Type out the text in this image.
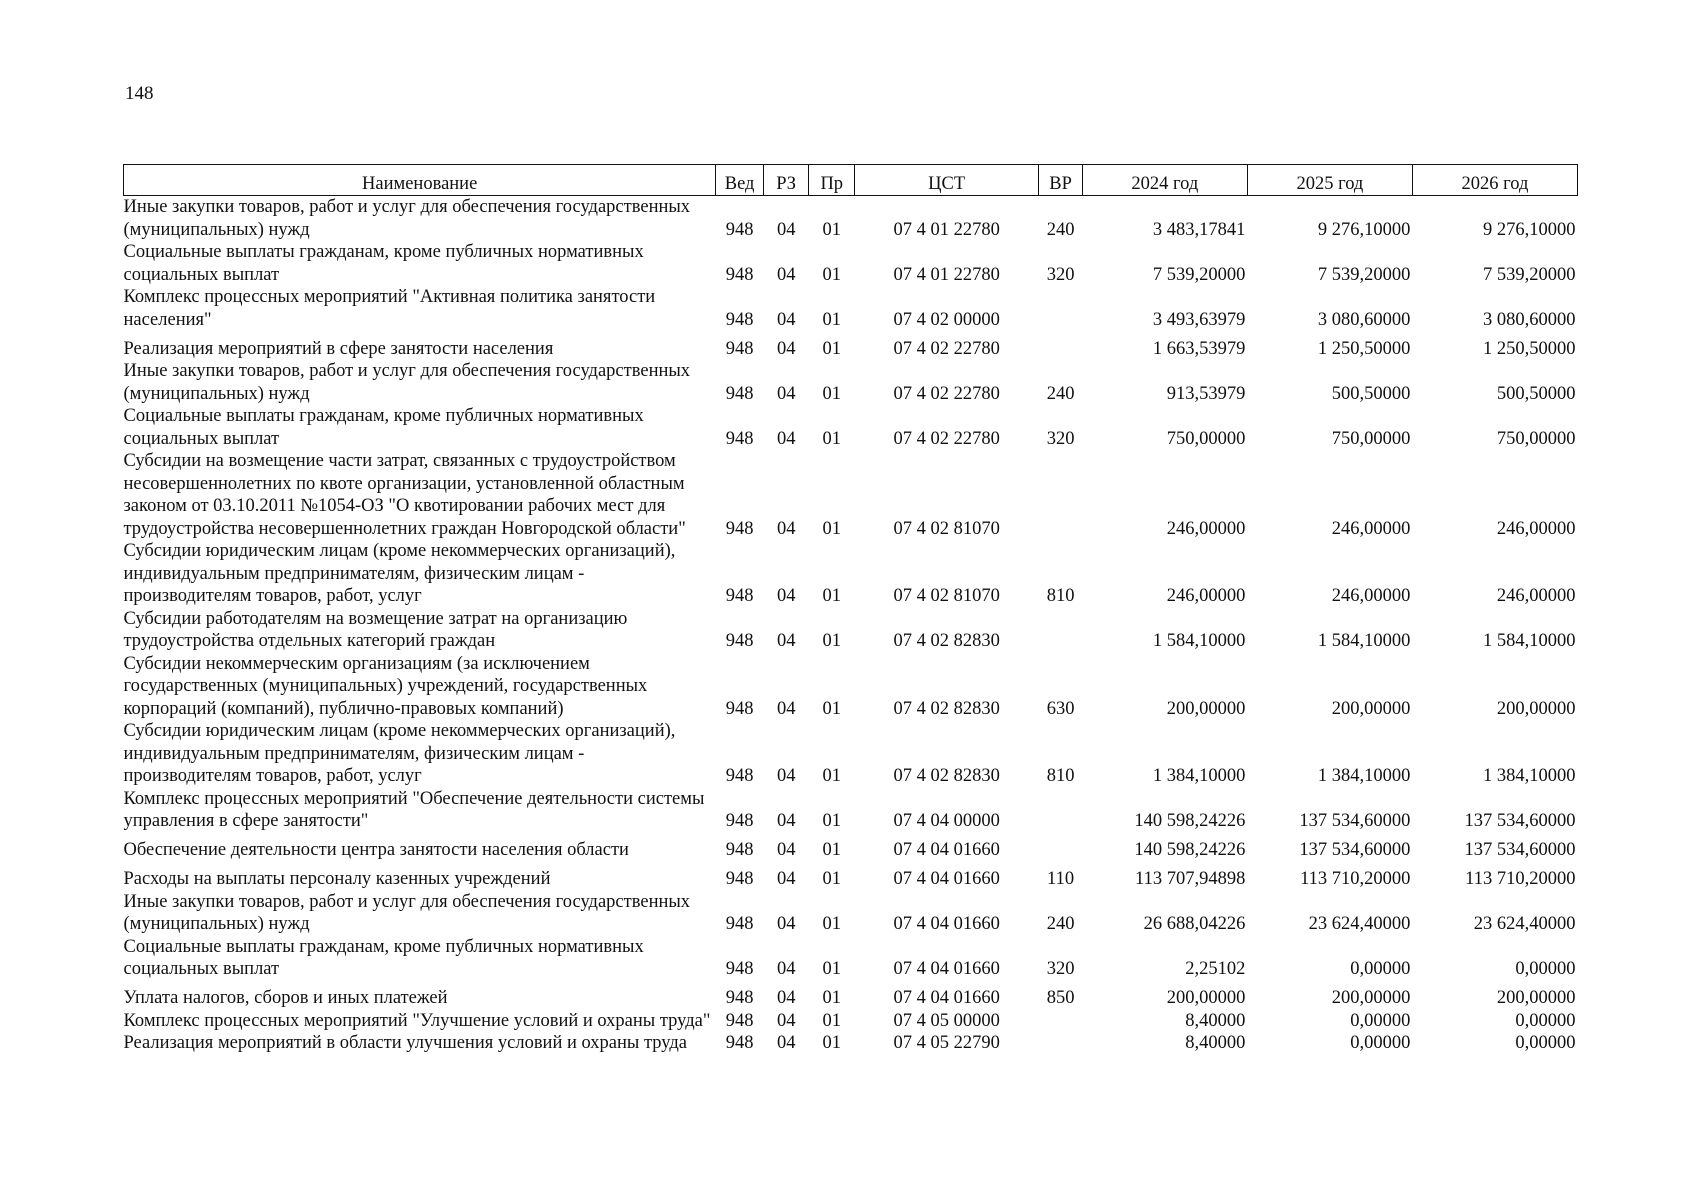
148
Наименование	Вед	РЗ	Пр	ЦСТ	ВР	2024 год	2025 год	2026 год
Иные закупки товаров, работ и услуг для обеспечения государственных (муниципальных) нужд	948	04	01	07 4 01 22780	240	3 483,17841	9 276,10000	9 276,10000
Социальные выплаты гражданам, кроме публичных нормативных социальных выплат	948	04	01	07 4 01 22780	320	7 539,20000	7 539,20000	7 539,20000
Комплекс процессных мероприятий "Активная политика занятости населения"	948	04	01	07 4 02 00000		3 493,63979	3 080,60000	3 080,60000
Реализация мероприятий в сфере занятости населения	948	04	01	07 4 02 22780		1 663,53979	1 250,50000	1 250,50000
Иные закупки товаров, работ и услуг для обеспечения государственных (муниципальных) нужд	948	04	01	07 4 02 22780	240	913,53979	500,50000	500,50000
Социальные выплаты гражданам, кроме публичных нормативных социальных выплат	948	04	01	07 4 02 22780	320	750,00000	750,00000	750,00000
Субсидии на возмещение части затрат, связанных с трудоустройством несовершеннолетних по квоте организации, установленной областным законом от 03.10.2011 №1054-ОЗ "О квотировании рабочих мест для трудоустройства несовершеннолетних граждан Новгородской области"	948	04	01	07 4 02 81070		246,00000	246,00000	246,00000
Субсидии юридическим лицам (кроме некоммерческих организаций), индивидуальным предпринимателям, физическим лицам - производителям товаров, работ, услуг	948	04	01	07 4 02 81070	810	246,00000	246,00000	246,00000
Субсидии работодателям на возмещение затрат на организацию трудоустройства отдельных категорий граждан	948	04	01	07 4 02 82830		1 584,10000	1 584,10000	1 584,10000
Субсидии некоммерческим организациям (за исключением государственных (муниципальных) учреждений, государственных корпораций (компаний), публично-правовых компаний)	948	04	01	07 4 02 82830	630	200,00000	200,00000	200,00000
Субсидии юридическим лицам (кроме некоммерческих организаций), индивидуальным предпринимателям, физическим лицам - производителям товаров, работ, услуг	948	04	01	07 4 02 82830	810	1 384,10000	1 384,10000	1 384,10000
Комплекс процессных мероприятий "Обеспечение деятельности системы управления в сфере занятости"	948	04	01	07 4 04 00000		140 598,24226	137 534,60000	137 534,60000
Обеспечение деятельности центра занятости населения области	948	04	01	07 4 04 01660		140 598,24226	137 534,60000	137 534,60000
Расходы на выплаты персоналу казенных учреждений	948	04	01	07 4 04 01660	110	113 707,94898	113 710,20000	113 710,20000
Иные закупки товаров, работ и услуг для обеспечения государственных (муниципальных) нужд	948	04	01	07 4 04 01660	240	26 688,04226	23 624,40000	23 624,40000
Социальные выплаты гражданам, кроме публичных нормативных социальных выплат	948	04	01	07 4 04 01660	320	2,25102	0,00000	0,00000
Уплата налогов, сборов и иных платежей	948	04	01	07 4 04 01660	850	200,00000	200,00000	200,00000
Комплекс процессных мероприятий "Улучшение условий и охраны труда"	948	04	01	07 4 05 00000		8,40000	0,00000	0,00000
Реализация мероприятий в области улучшения условий и охраны труда	948	04	01	07 4 05 22790		8,40000	0,00000	0,00000
